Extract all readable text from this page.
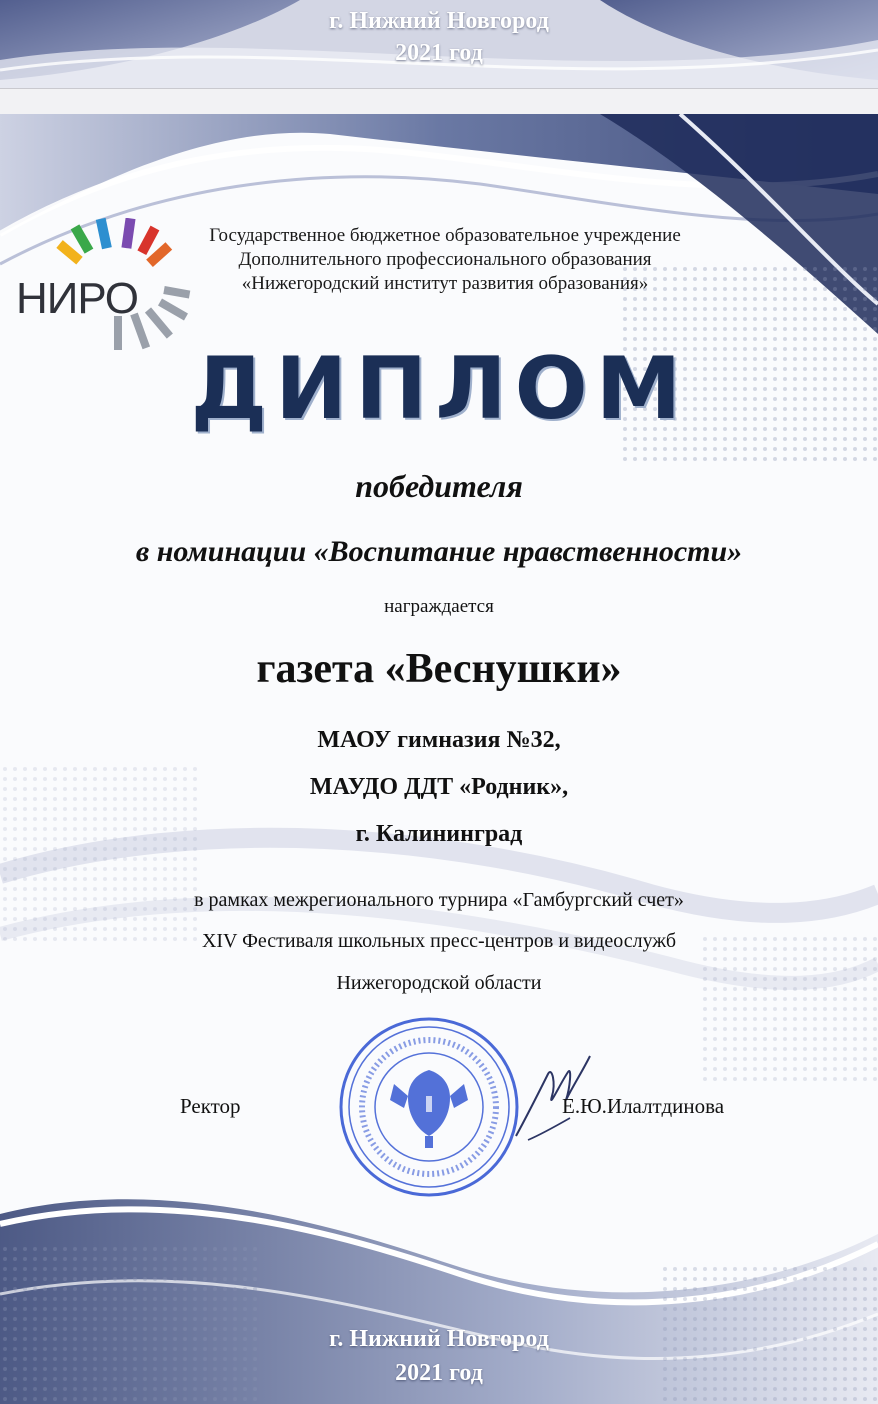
г. Нижний Новгород
2021 год
НИРО
Государственное бюджетное образовательное учреждение
Дополнительного профессионального образования
«Нижегородский институт развития образования»
ДИПЛОМ
победителя
в номинации «Воспитание нравственности»
награждается
газета «Веснушки»
МАОУ гимназия №32,
МАУДО ДДТ «Родник»,
г. Калининград
в рамках межрегионального турнира «Гамбургский счет»
XIV Фестиваля школьных пресс-центров и видеослужб
Нижегородской области
Ректор	Е.Ю.Илалтдинова
г. Нижний Новгород
2021 год
